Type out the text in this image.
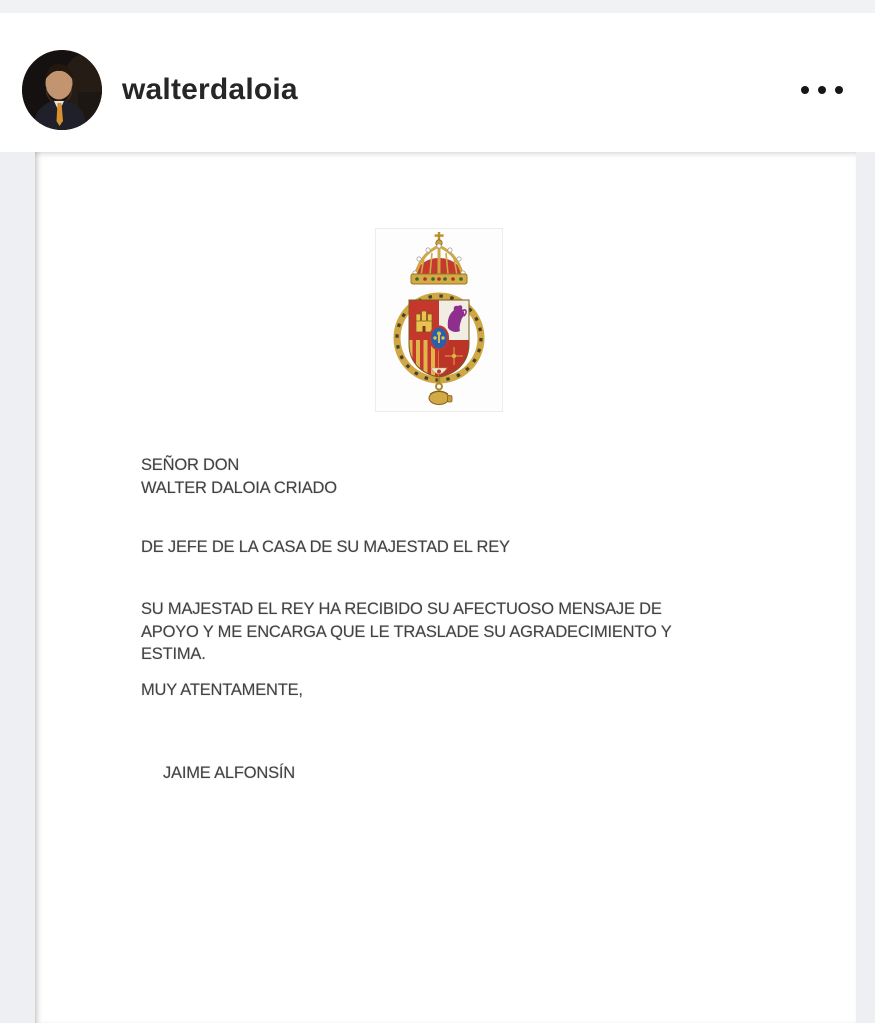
walterdaloia
SEÑOR DON
WALTER DALOIA CRIADO
DE JEFE DE LA CASA DE SU MAJESTAD EL REY
SU MAJESTAD EL REY HA RECIBIDO SU AFECTUOSO MENSAJE DE
APOYO Y ME ENCARGA QUE LE TRASLADE SU AGRADECIMIENTO Y
ESTIMA.
MUY ATENTAMENTE,
JAIME ALFONSÍN
